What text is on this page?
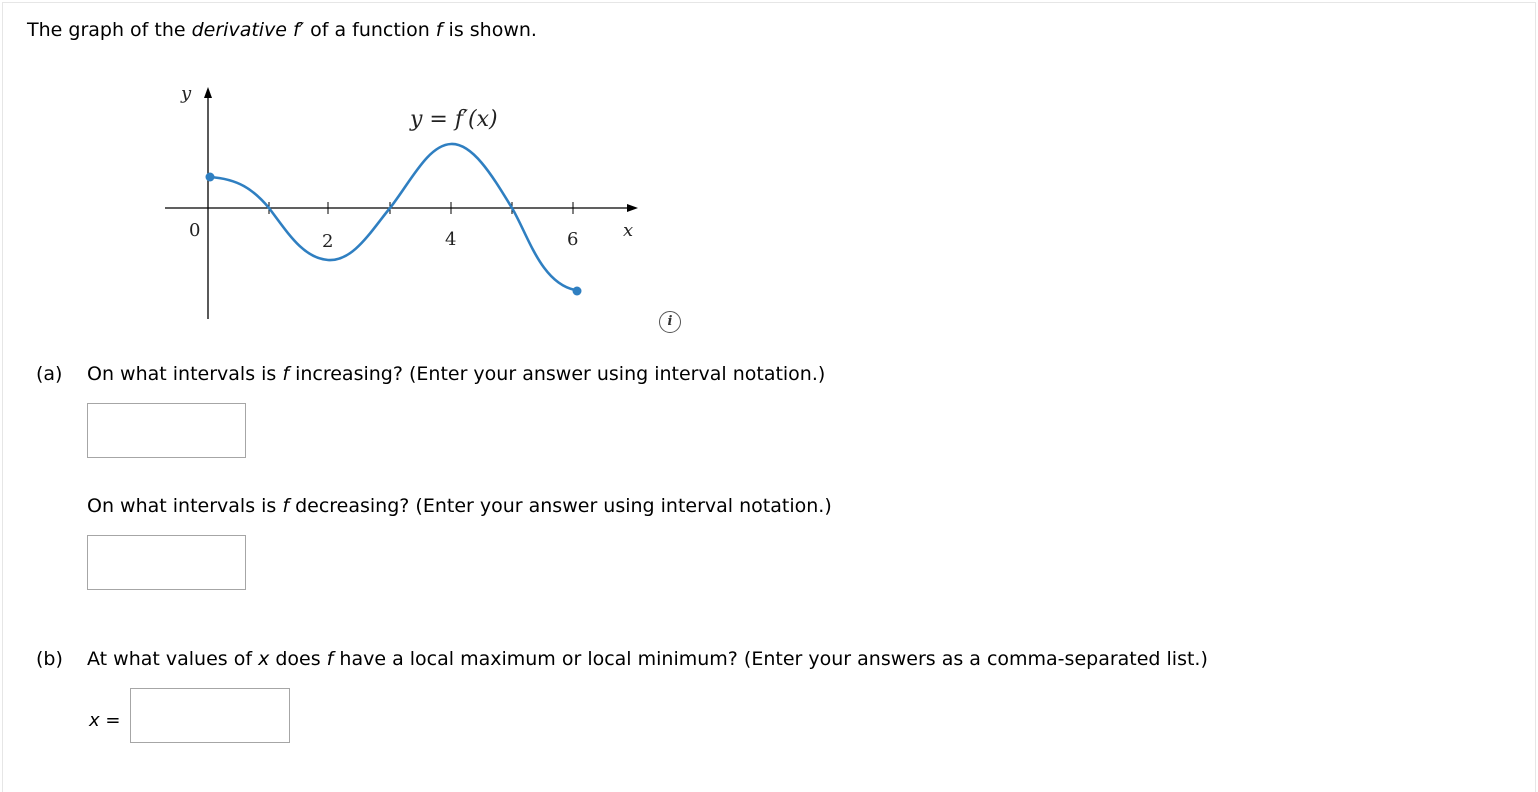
The graph of the derivative f′ of a function f is shown.
y
x
0
2	4	6
y = f′(x)
i
(a) On what intervals is f increasing? (Enter your answer using interval notation.)
On what intervals is f decreasing? (Enter your answer using interval notation.)
(b) At what values of x does f have a local maximum or local minimum? (Enter your answers as a comma-separated list.)
x =
